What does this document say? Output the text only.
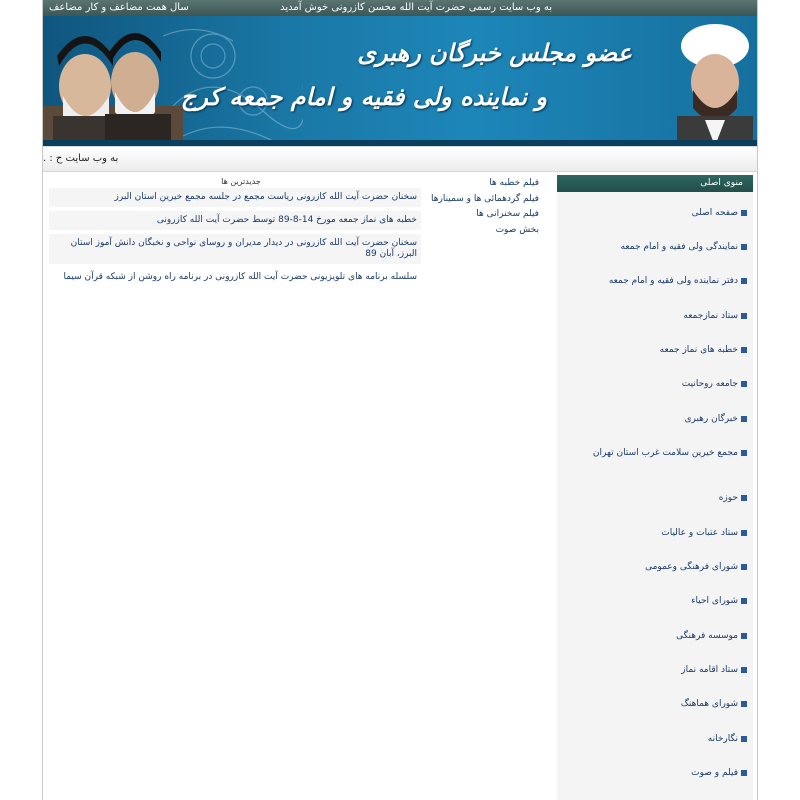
به وب سایت رسمی حضرت آیت الله محسن کازرونی خوش آمدید
سال همت مضاعف و کار مضاعف
عضو مجلس خبرگان رهبری
و نماینده ولی فقیه و امام جمعه کرج
به وب سایت ح : .
جدیدترین ها
سخنان حضرت آیت الله کازرونی ریاست مجمع در جلسه مجمع خیرین استان البرز
خطبه های نماز جمعه مورخ 14-8-89 توسط حضرت آیت الله کازرونی
سخنان حضرت آیت الله کازرونی در دیدار مدیران و روسای نواحی و نخبگان دانش آموز استان البرز، آبان 89
سلسله برنامه های تلویزیونی حضرت آیت الله کازرونی در برنامه راه روشن از شبکه قرآن سیما
فیلم خطبه ها
فیلم گردهمائی ها و سمینارها
فیلم سخنرانی ها
بخش صوت
منوی اصلی
صفحه اصلی
نمایندگی ولی فقیه و امام جمعه
دفتر نماینده ولی فقیه و امام جمعه
ستاد نمازجمعه
خطبه های نماز جمعه
جامعه روحانیت
خبرگان رهبری
مجمع خیرین سلامت غرب استان تهران
حوزه
ستاد عتبات و عالیات
شورای فرهنگی وعمومی
شورای احیاء
موسسه فرهنگی
ستاد اقامه نماز
شورای هماهنگ
نگارخانه
فیلم و صوت
